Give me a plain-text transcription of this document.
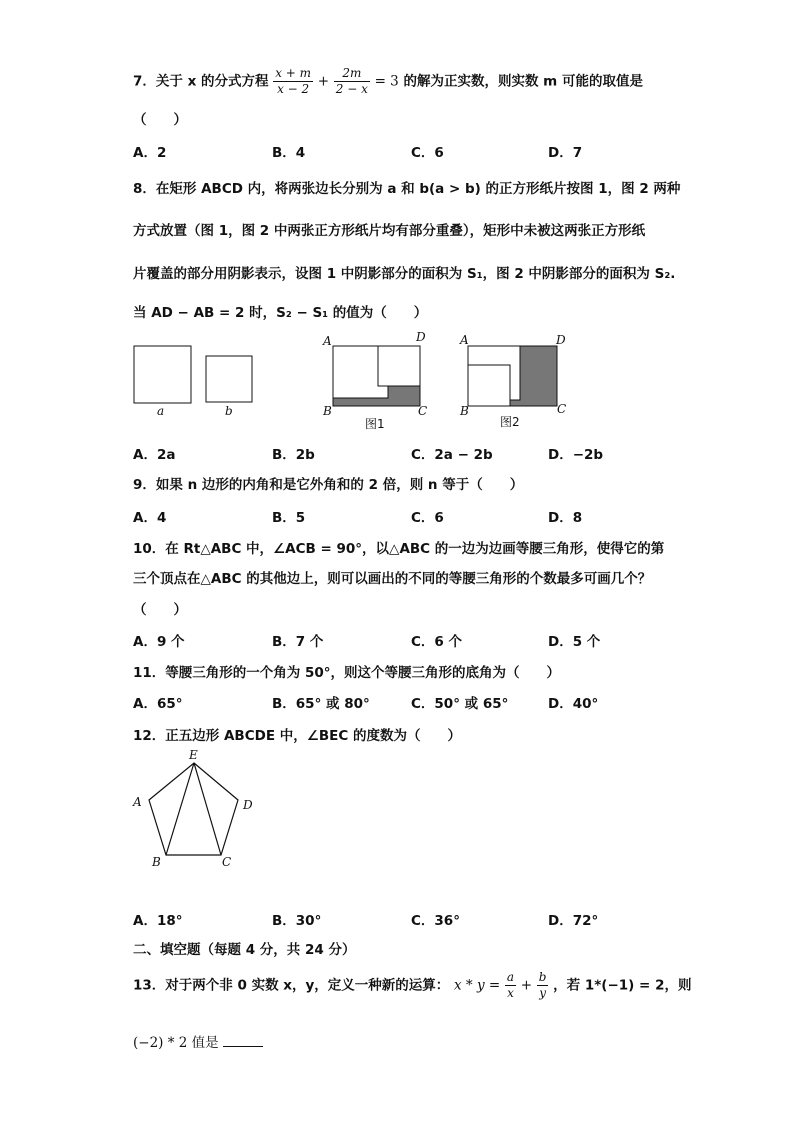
7．关于 x 的分式方程 $\frac{x + m}{x - 2} + \frac{2m}{2 - x} = 3$ 的解为正实数，则实数 m 可能的取值是
（　　）
A．2	B．4	C．6	D．7
8．在矩形 ABCD 内，将两张边长分别为 a 和 b(a > b) 的正方形纸片按图 1，图 2 两种
方式放置（图 1，图 2 中两张正方形纸片均有部分重叠），矩形中未被这两张正方形纸
片覆盖的部分用阴影表示，设图 1 中阴影部分的面积为 S₁，图 2 中阴影部分的面积为 S₂.
当 AD − AB = 2 时，S₂ − S₁ 的值为（　　）
a	b
A	D
B	C
图1
A	D
B	C
图2
A．2a	B．2b	C．2a − 2b	D．−2b
9．如果 n 边形的内角和是它外角和的 2 倍，则 n 等于（　　）
A．4	B．5	C．6	D．8
10．在 Rt△ABC 中，∠ACB = 90°，以△ABC 的一边为边画等腰三角形，使得它的第
三个顶点在△ABC 的其他边上，则可以画出的不同的等腰三角形的个数最多可画几个？
（　　）
A．9 个	B．7 个	C．6 个	D．5 个
11．等腰三角形的一个角为 50°，则这个等腰三角形的底角为（　　）
A．65°	B．65° 或 80°	C．50° 或 65°	D．40°
12．正五边形 ABCDE 中，∠BEC 的度数为（　　）
E
A	D
B	C
A．18°	B．30°	C．36°	D．72°
二、填空题（每题 4 分，共 24 分）
13．对于两个非 0 实数 x，y，定义一种新的运算： $x * y = \frac{a}{x} + \frac{b}{y}$ ，若 1*(−1) = 2，则
(−2) * 2 值是
